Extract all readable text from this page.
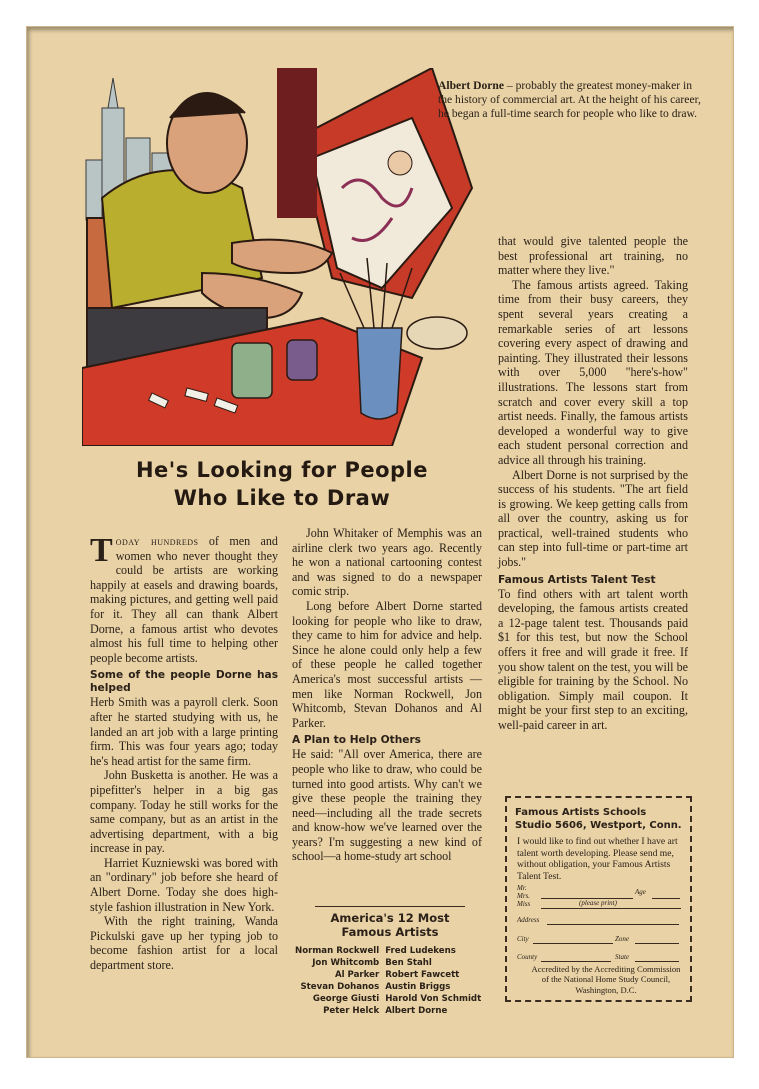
Albert Dorne – probably the greatest money-maker in the history of commercial art. At the height of his career, he began a full-time search for people who like to draw.
He's Looking for People
Who Like to Draw

Today hundreds of men and women who never thought they could be artists are working happily at easels and drawing boards, making pictures, and getting well paid for it. They all can thank Albert Dorne, a famous artist who devotes almost his full time to helping other people become artists.

Some of the people Dorne has helped

Herb Smith was a payroll clerk. Soon after he started studying with us, he landed an art job with a large printing firm. This was four years ago; today he's head artist for the same firm.

John Busketta is another. He was a pipefitter's helper in a big gas company. Today he still works for the same company, but as an artist in the advertising department, with a big increase in pay.

Harriet Kuzniewski was bored with an "ordinary" job before she heard of Albert Dorne. Today she does high-style fashion illustration in New York.

With the right training, Wanda Pickulski gave up her typing job to become fashion artist for a local department store.

John Whitaker of Memphis was an airline clerk two years ago. Recently he won a national cartooning contest and was signed to do a newspaper comic strip.

Long before Albert Dorne started looking for people who like to draw, they came to him for advice and help. Since he alone could only help a few of these people he called together America's most successful artists —men like Norman Rockwell, Jon Whitcomb, Stevan Dohanos and Al Parker.

A Plan to Help Others

He said: "All over America, there are people who like to draw, who could be turned into good artists. Why can't we give these people the training they need—including all the trade secrets and know-how we've learned over the years? I'm suggesting a new kind of school—a home-study art school

that would give talented people the best professional art training, no matter where they live."

The famous artists agreed. Taking time from their busy careers, they spent several years creating a remarkable series of art lessons covering every aspect of drawing and painting. They illustrated their lessons with over 5,000 "here's-how" illustrations. The lessons start from scratch and cover every skill a top artist needs. Finally, the famous artists developed a wonderful way to give each student personal correction and advice all through his training.

Albert Dorne is not surprised by the success of his students. "The art field is growing. We keep getting calls from all over the country, asking us for practical, well-trained students who can step into full-time or part-time art jobs."

Famous Artists Talent Test

To find others with art talent worth developing, the famous artists created a 12-page talent test. Thousands paid $1 for this test, but now the School offers it free and will grade it free. If you show talent on the test, you will be eligible for training by the School. No obligation. Simply mail coupon. It might be your first step to an exciting, well-paid career in art.

America's 12 Most
Famous Artists
Norman Rockwell	Fred Ludekens
Jon Whitcomb	Ben Stahl
Al Parker	Robert Fawcett
Stevan Dohanos	Austin Briggs
George Giusti	Harold Von Schmidt
Peter Helck	Albert Dorne
Famous Artists Schools
Studio 5606, Westport, Conn.
I would like to find out whether I have art talent worth developing. Please send me, without obligation, your Famous Artists Talent Test.
Mr.
Mrs.
Miss
Age
(please print)
Address
City	Zone
County	State
Accredited by the Accrediting Commission of the National Home Study Council, Washington, D.C.
